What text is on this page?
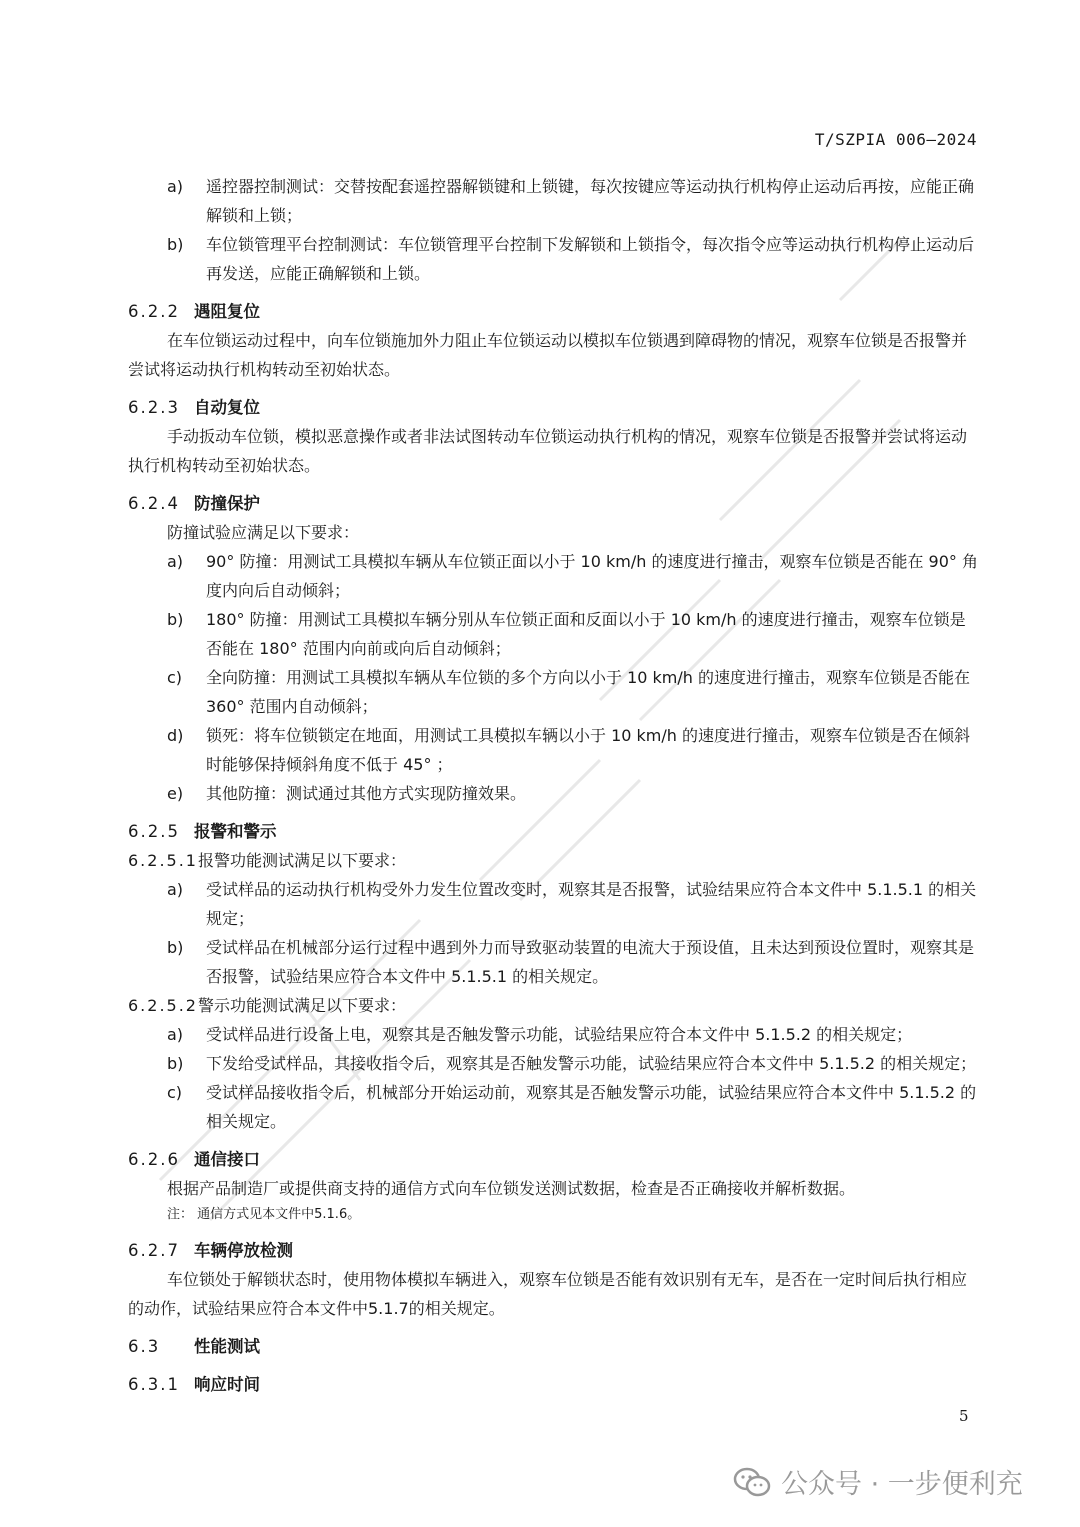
T/SZPIA 006—2024
a) 遥控器控制测试：交替按配套遥控器解锁键和上锁键，每次按键应等运动执行机构停止运动后再按，应能正确解锁和上锁；
b) 车位锁管理平台控制测试：车位锁管理平台控制下发解锁和上锁指令，每次指令应等运动执行机构停止运动后再发送，应能正确解锁和上锁。
6.2.2 遇阻复位
在车位锁运动过程中，向车位锁施加外力阻止车位锁运动以模拟车位锁遇到障碍物的情况，观察车位锁是否报警并尝试将运动执行机构转动至初始状态。
6.2.3 自动复位
手动扳动车位锁，模拟恶意操作或者非法试图转动车位锁运动执行机构的情况，观察车位锁是否报警并尝试将运动执行机构转动至初始状态。
6.2.4 防撞保护
防撞试验应满足以下要求：
a) 90° 防撞：用测试工具模拟车辆从车位锁正面以小于 10 km/h 的速度进行撞击，观察车位锁是否能在 90° 角度内向后自动倾斜；
b) 180° 防撞：用测试工具模拟车辆分别从车位锁正面和反面以小于 10 km/h 的速度进行撞击，观察车位锁是否能在 180° 范围内向前或向后自动倾斜；
c) 全向防撞：用测试工具模拟车辆从车位锁的多个方向以小于 10 km/h 的速度进行撞击，观察车位锁是否能在 360° 范围内自动倾斜；
d) 锁死：将车位锁锁定在地面，用测试工具模拟车辆以小于 10 km/h 的速度进行撞击，观察车位锁是否在倾斜时能够保持倾斜角度不低于 45° ；
e) 其他防撞：测试通过其他方式实现防撞效果。
6.2.5 报警和警示
6.2.5.1报警功能测试满足以下要求：
a) 受试样品的运动执行机构受外力发生位置改变时，观察其是否报警，试验结果应符合本文件中 5.1.5.1 的相关规定；
b) 受试样品在机械部分运行过程中遇到外力而导致驱动装置的电流大于预设值，且未达到预设位置时，观察其是否报警，试验结果应符合本文件中 5.1.5.1 的相关规定。
6.2.5.2警示功能测试满足以下要求：
a) 受试样品进行设备上电，观察其是否触发警示功能，试验结果应符合本文件中 5.1.5.2 的相关规定；
b) 下发给受试样品，其接收指令后，观察其是否触发警示功能，试验结果应符合本文件中 5.1.5.2 的相关规定；
c) 受试样品接收指令后，机械部分开始运动前，观察其是否触发警示功能，试验结果应符合本文件中 5.1.5.2 的相关规定。
6.2.6 通信接口
根据产品制造厂或提供商支持的通信方式向车位锁发送测试数据，检查是否正确接收并解析数据。
注： 通信方式见本文件中5.1.6。
6.2.7 车辆停放检测
车位锁处于解锁状态时，使用物体模拟车辆进入，观察车位锁是否能有效识别有无车，是否在一定时间后执行相应的动作，试验结果应符合本文件中5.1.7的相关规定。
6.3 性能测试
6.3.1 响应时间
5
公众号 · 一步便利充
